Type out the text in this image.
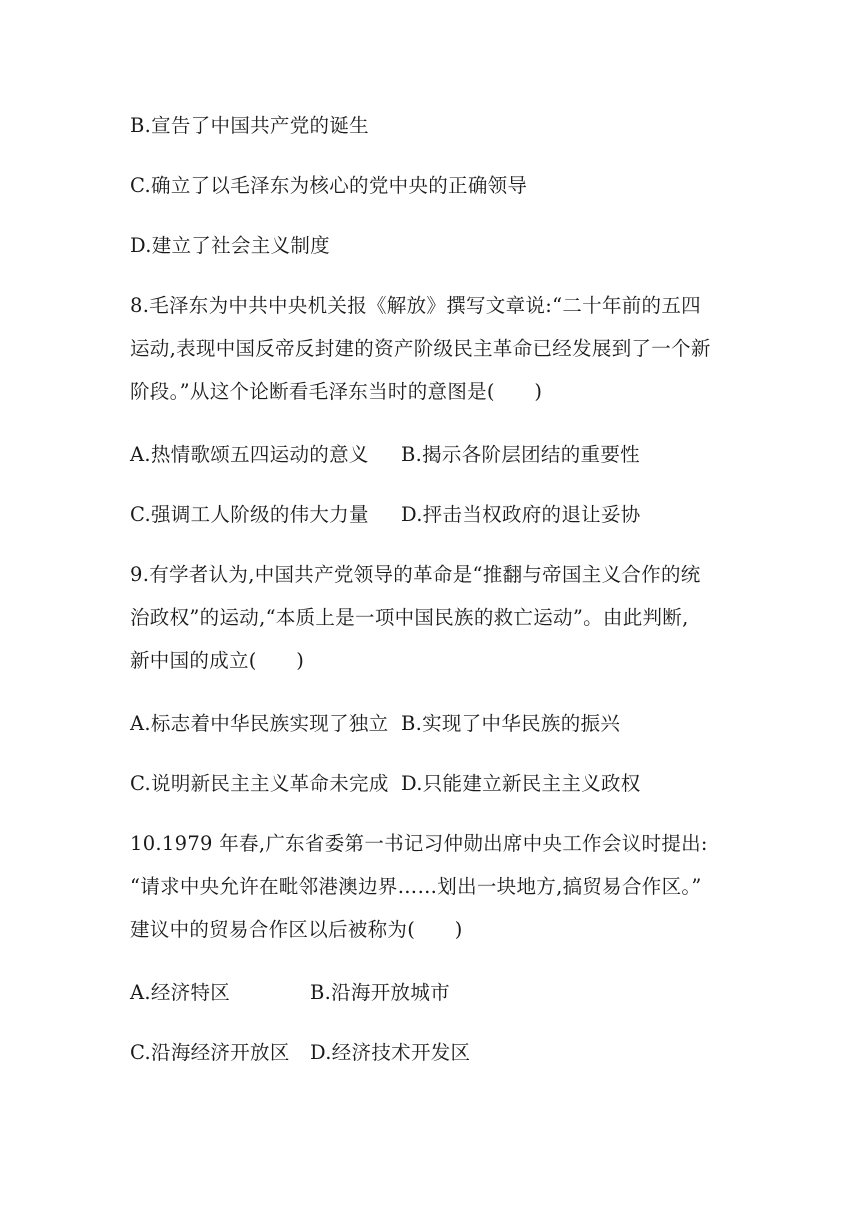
B.宣告了中国共产党的诞生
C.确立了以毛泽东为核心的党中央的正确领导
D.建立了社会主义制度
8.毛泽东为中共中央机关报《解放》撰写文章说:“二十年前的五四
运动,表现中国反帝反封建的资产阶级民主革命已经发展到了一个新
阶段。”从这个论断看毛泽东当时的意图是(　　)
A.热情歌颂五四运动的意义 B.揭示各阶层团结的重要性
C.强调工人阶级的伟大力量 D.抨击当权政府的退让妥协
9.有学者认为,中国共产党领导的革命是“推翻与帝国主义合作的统
治政权”的运动,“本质上是一项中国民族的救亡运动”。由此判断,
新中国的成立(　　)
A.标志着中华民族实现了独立 B.实现了中华民族的振兴
C.说明新民主主义革命未完成 D.只能建立新民主主义政权
10.1979 年春,广东省委第一书记习仲勋出席中央工作会议时提出:
“请求中央允许在毗邻港澳边界……划出一块地方,搞贸易合作区。”
建议中的贸易合作区以后被称为(　　)
A.经济特区	B.沿海开放城市
C.沿海经济开放区 D.经济技术开发区
